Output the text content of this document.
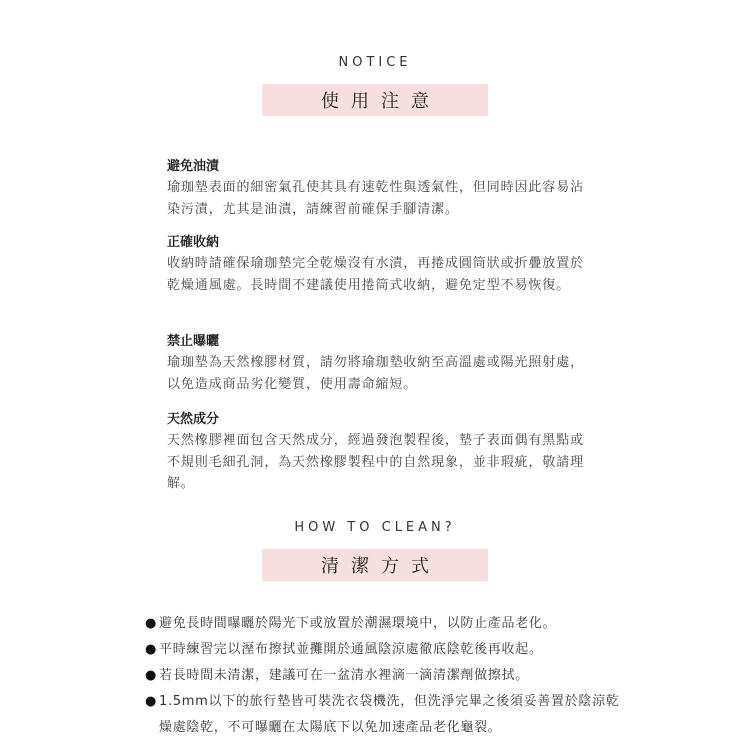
NOTICE
使用注意
避免油漬
瑜珈墊表面的細密氣孔使其具有速乾性與透氣性，但同時因此容易沾染污漬，尤其是油漬，請練習前確保手腳清潔。
正確收納
收納時請確保瑜珈墊完全乾燥沒有水漬，再捲成圓筒狀或折疊放置於乾燥通風處。長時間不建議使用捲筒式收納，避免定型不易恢復。
禁止曝曬
瑜珈墊為天然橡膠材質，請勿將瑜珈墊收納至高溫處或陽光照射處，以免造成商品劣化變質，使用壽命縮短。
天然成分
天然橡膠裡面包含天然成分，經過發泡製程後，墊子表面偶有黑點或不規則毛細孔洞，為天然橡膠製程中的自然現象，並非瑕疵，敬請理解。
HOW TO CLEAN?
清潔方式
● 避免長時間曝曬於陽光下或放置於潮濕環境中，以防止產品老化。
● 平時練習完以溼布擦拭並攤開於通風陰涼處徹底陰乾後再收起。
● 若長時間未清潔，建議可在一盆清水裡滴一滴清潔劑做擦拭。
● 1.5mm以下的旅行墊皆可裝洗衣袋機洗，但洗淨完畢之後須妥善置於陰涼乾燥處陰乾，不可曝曬在太陽底下以免加速產品老化龜裂。
